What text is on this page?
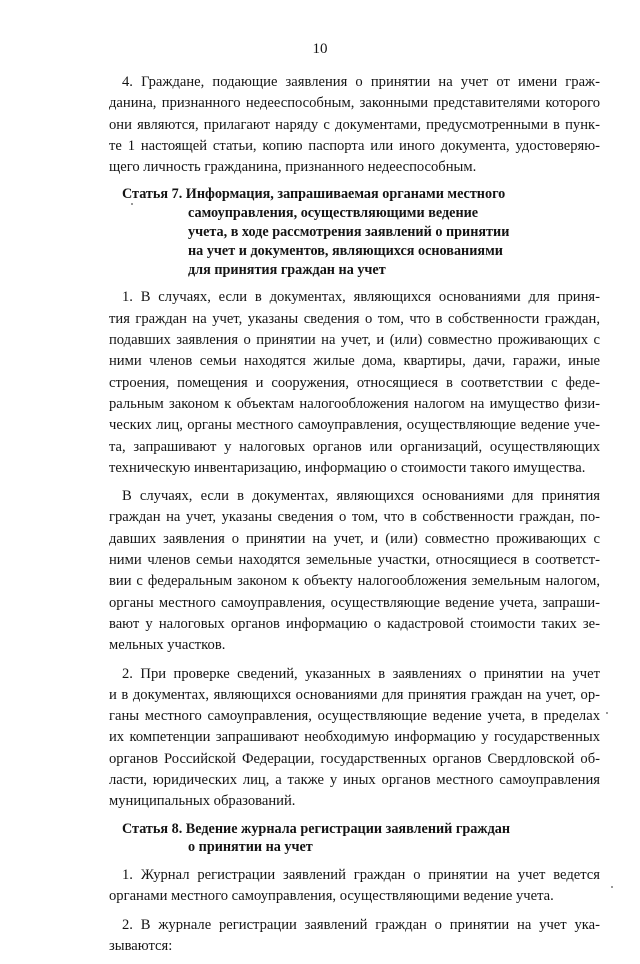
10
4. Граждане, подающие заявления о принятии на учет от имени граж-
данина, признанного недееспособным, законными представителями которого
они являются, прилагают наряду с документами, предусмотренными в пунк-
те 1 настоящей статьи, копию паспорта или иного документа, удостоверяю-
щего личность гражданина, признанного недееспособным.
Статья 7. Информация, запрашиваемая органами местного
самоуправления, осуществляющими ведение
учета, в ходе рассмотрения заявлений о принятии
на учет и документов, являющихся основаниями
для принятия граждан на учет
1. В случаях, если в документах, являющихся основаниями для приня-
тия граждан на учет, указаны сведения о том, что в собственности граждан,
подавших заявления о принятии на учет, и (или) совместно проживающих с
ними членов семьи находятся жилые дома, квартиры, дачи, гаражи, иные
строения, помещения и сооружения, относящиеся в соответствии с феде-
ральным законом к объектам налогообложения налогом на имущество физи-
ческих лиц, органы местного самоуправления, осуществляющие ведение уче-
та, запрашивают у налоговых органов или организаций, осуществляющих
техническую инвентаризацию, информацию о стоимости такого имущества.
В случаях, если в документах, являющихся основаниями для принятия
граждан на учет, указаны сведения о том, что в собственности граждан, по-
давших заявления о принятии на учет, и (или) совместно проживающих с
ними членов семьи находятся земельные участки, относящиеся в соответст-
вии с федеральным законом к объекту налогообложения земельным налогом,
органы местного самоуправления, осуществляющие ведение учета, запраши-
вают у налоговых органов информацию о кадастровой стоимости таких зе-
мельных участков.
2. При проверке сведений, указанных в заявлениях о принятии на учет
и в документах, являющихся основаниями для принятия граждан на учет, ор-
ганы местного самоуправления, осуществляющие ведение учета, в пределах
их компетенции запрашивают необходимую информацию у государственных
органов Российской Федерации, государственных органов Свердловской об-
ласти, юридических лиц, а также у иных органов местного самоуправления
муниципальных образований.
Статья 8. Ведение журнала регистрации заявлений граждан
о принятии на учет
1. Журнал регистрации заявлений граждан о принятии на учет ведется
органами местного самоуправления, осуществляющими ведение учета.
2. В журнале регистрации заявлений граждан о принятии на учет ука-
зываются:
